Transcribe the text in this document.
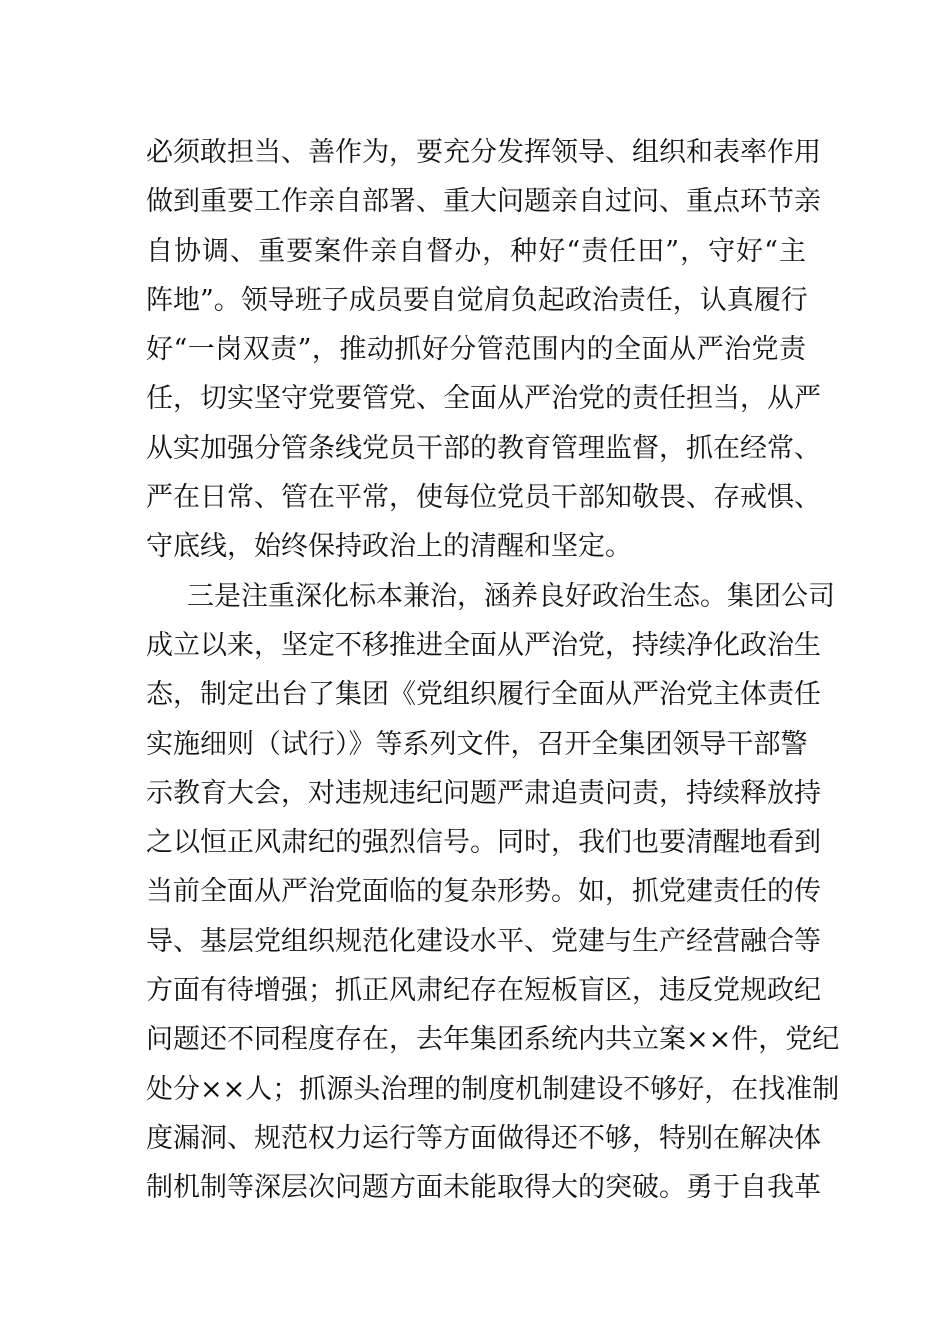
必须敢担当、善作为，要充分发挥领导、组织和表率作用
做到重要工作亲自部署、重大问题亲自过问、重点环节亲
自协调、重要案件亲自督办，种好“责任田”，守好“主
阵地”。领导班子成员要自觉肩负起政治责任，认真履行
好“一岗双责”，推动抓好分管范围内的全面从严治党责
任，切实坚守党要管党、全面从严治党的责任担当，从严
从实加强分管条线党员干部的教育管理监督，抓在经常、
严在日常、管在平常，使每位党员干部知敬畏、存戒惧、
守底线，始终保持政治上的清醒和坚定。
三是注重深化标本兼治，涵养良好政治生态。集团公司
成立以来，坚定不移推进全面从严治党，持续净化政治生
态，制定出台了集团《党组织履行全面从严治党主体责任
实施细则（试行）》等系列文件，召开全集团领导干部警
示教育大会，对违规违纪问题严肃追责问责，持续释放持
之以恒正风肃纪的强烈信号。同时，我们也要清醒地看到
当前全面从严治党面临的复杂形势。如，抓党建责任的传
导、基层党组织规范化建设水平、党建与生产经营融合等
方面有待增强；抓正风肃纪存在短板盲区，违反党规政纪
问题还不同程度存在，去年集团系统内共立案××件，党纪
处分××人；抓源头治理的制度机制建设不够好，在找准制
度漏洞、规范权力运行等方面做得还不够，特别在解决体
制机制等深层次问题方面未能取得大的突破。勇于自我革
